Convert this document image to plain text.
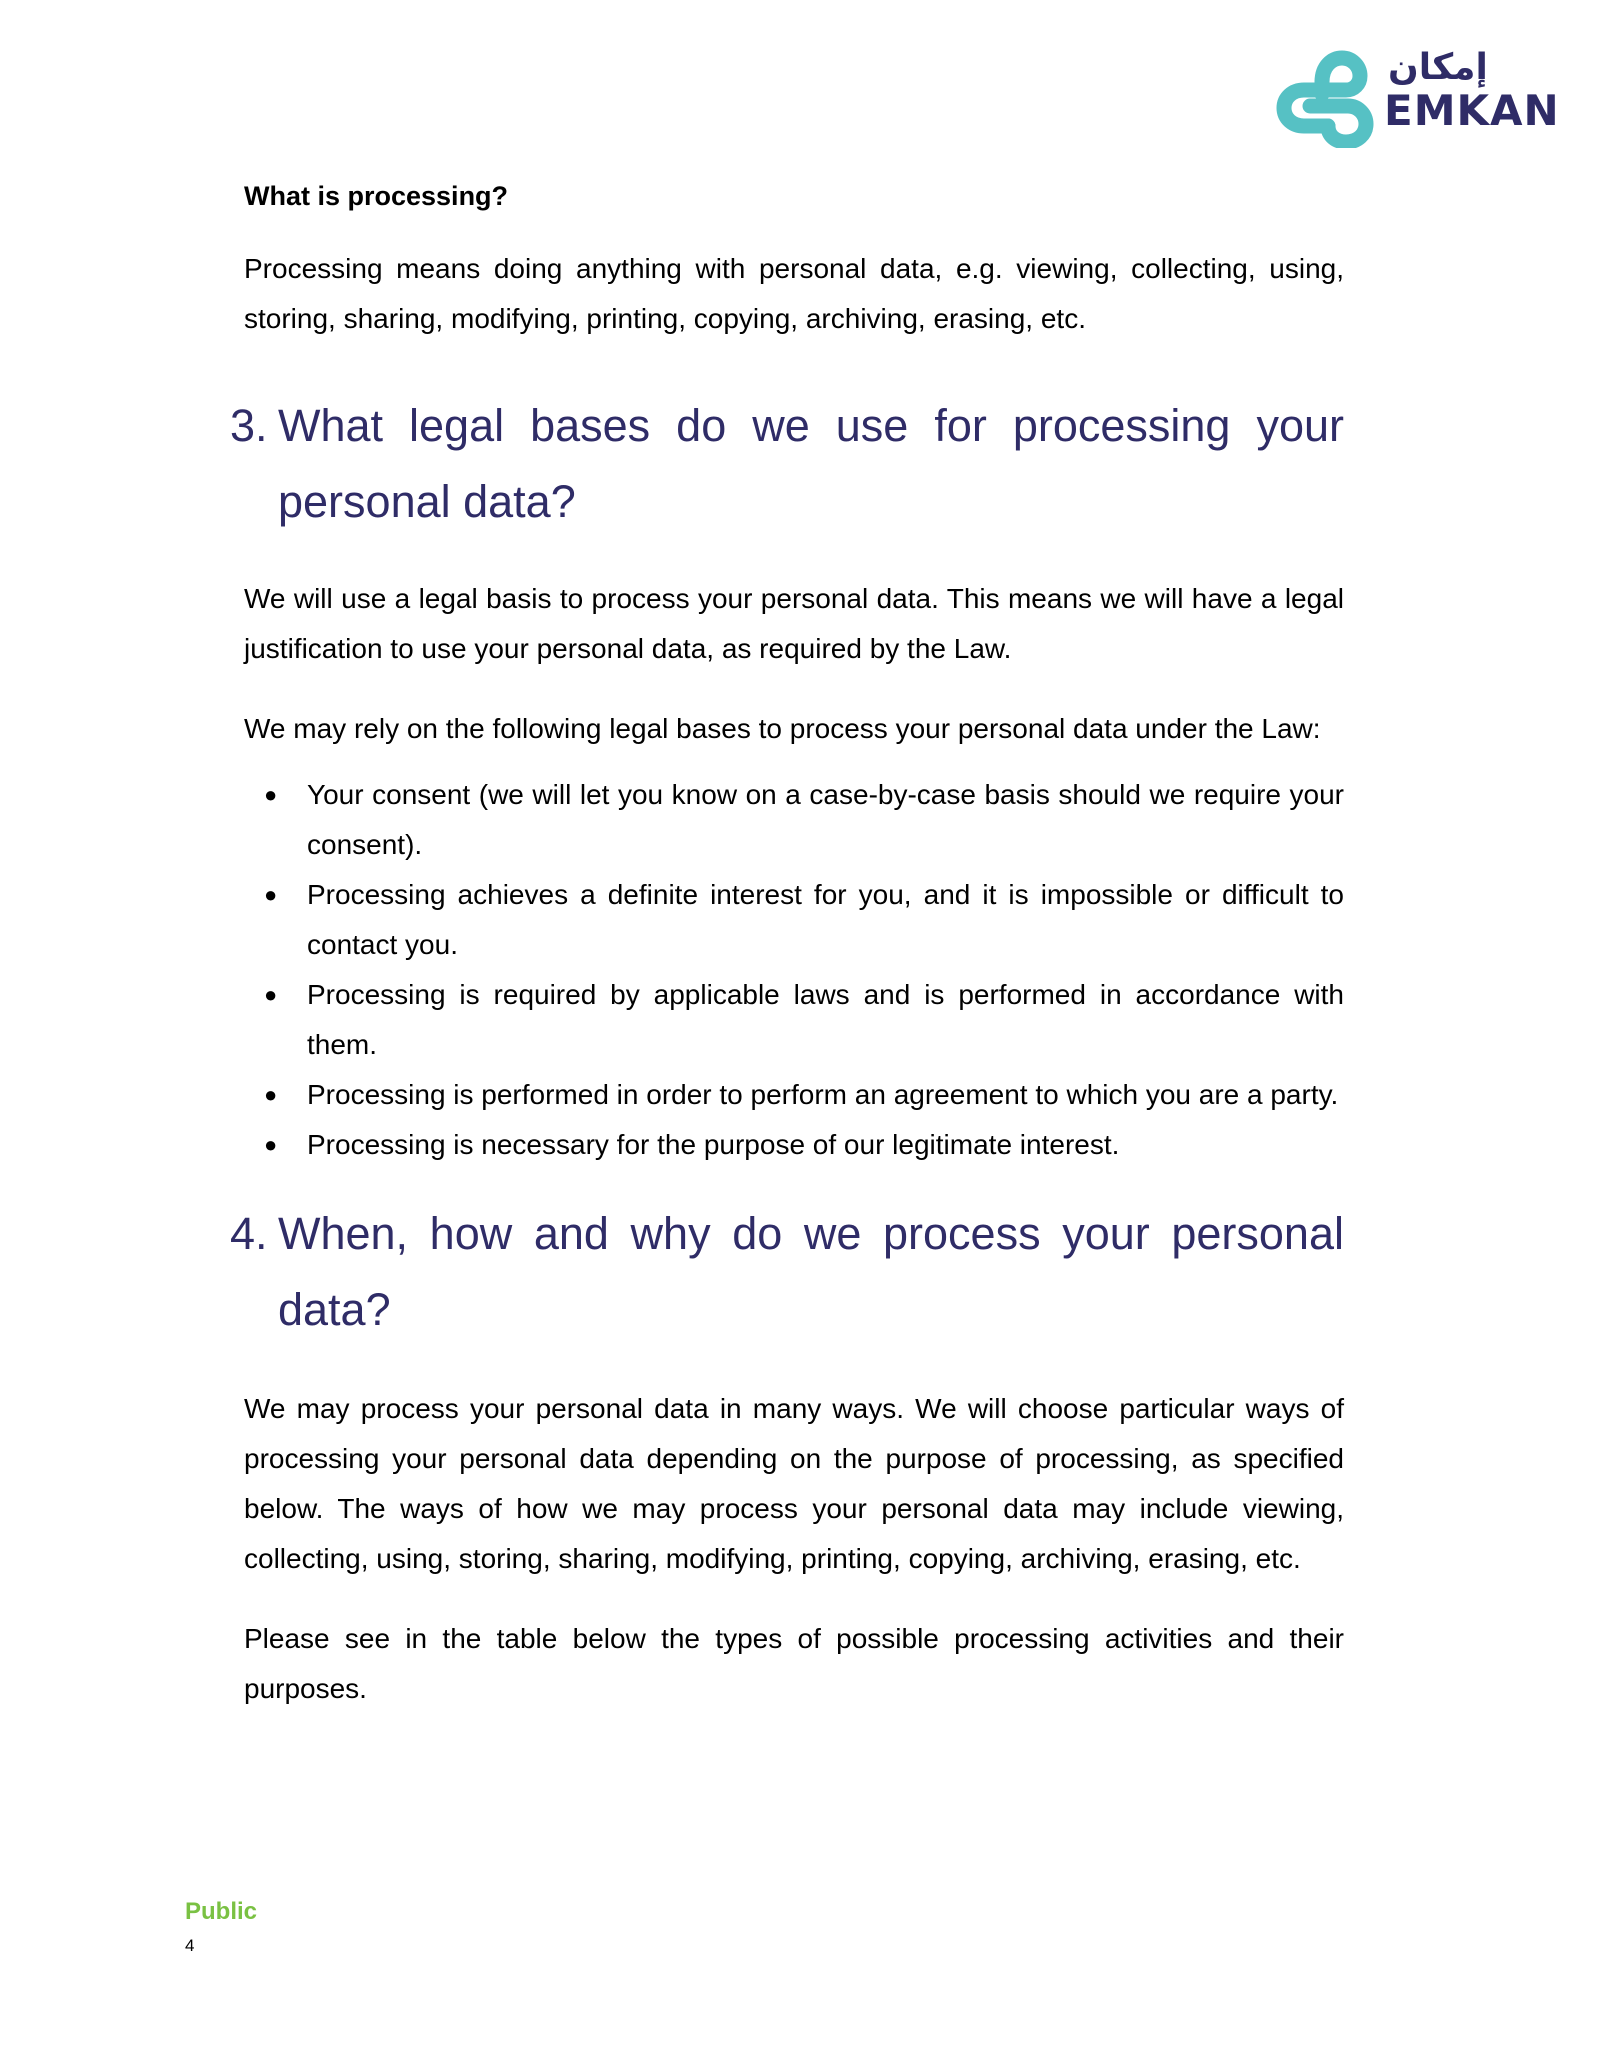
إمكان
EMKAN
What is processing?

Processing means doing anything with personal data, e.g. viewing, collecting, using, storing, sharing, modifying, printing, copying, archiving, erasing, etc.

3. What legal bases do we use for processing your personal data?

We will use a legal basis to process your personal data. This means we will have a legal justification to use your personal data, as required by the Law.

We may rely on the following legal bases to process your personal data under the Law:

● Your consent (we will let you know on a case-by-case basis should we require your consent).
● Processing achieves a definite interest for you, and it is impossible or difficult to contact you.
● Processing is required by applicable laws and is performed in accordance with them.
● Processing is performed in order to perform an agreement to which you are a party.
● Processing is necessary for the purpose of our legitimate interest.
4. When, how and why do we process your personal data?

We may process your personal data in many ways. We will choose particular ways of processing your personal data depending on the purpose of processing, as specified below. The ways of how we may process your personal data may include viewing, collecting, using, storing, sharing, modifying, printing, copying, archiving, erasing, etc.

Please see in the table below the types of possible processing activities and their purposes.

Public
4
